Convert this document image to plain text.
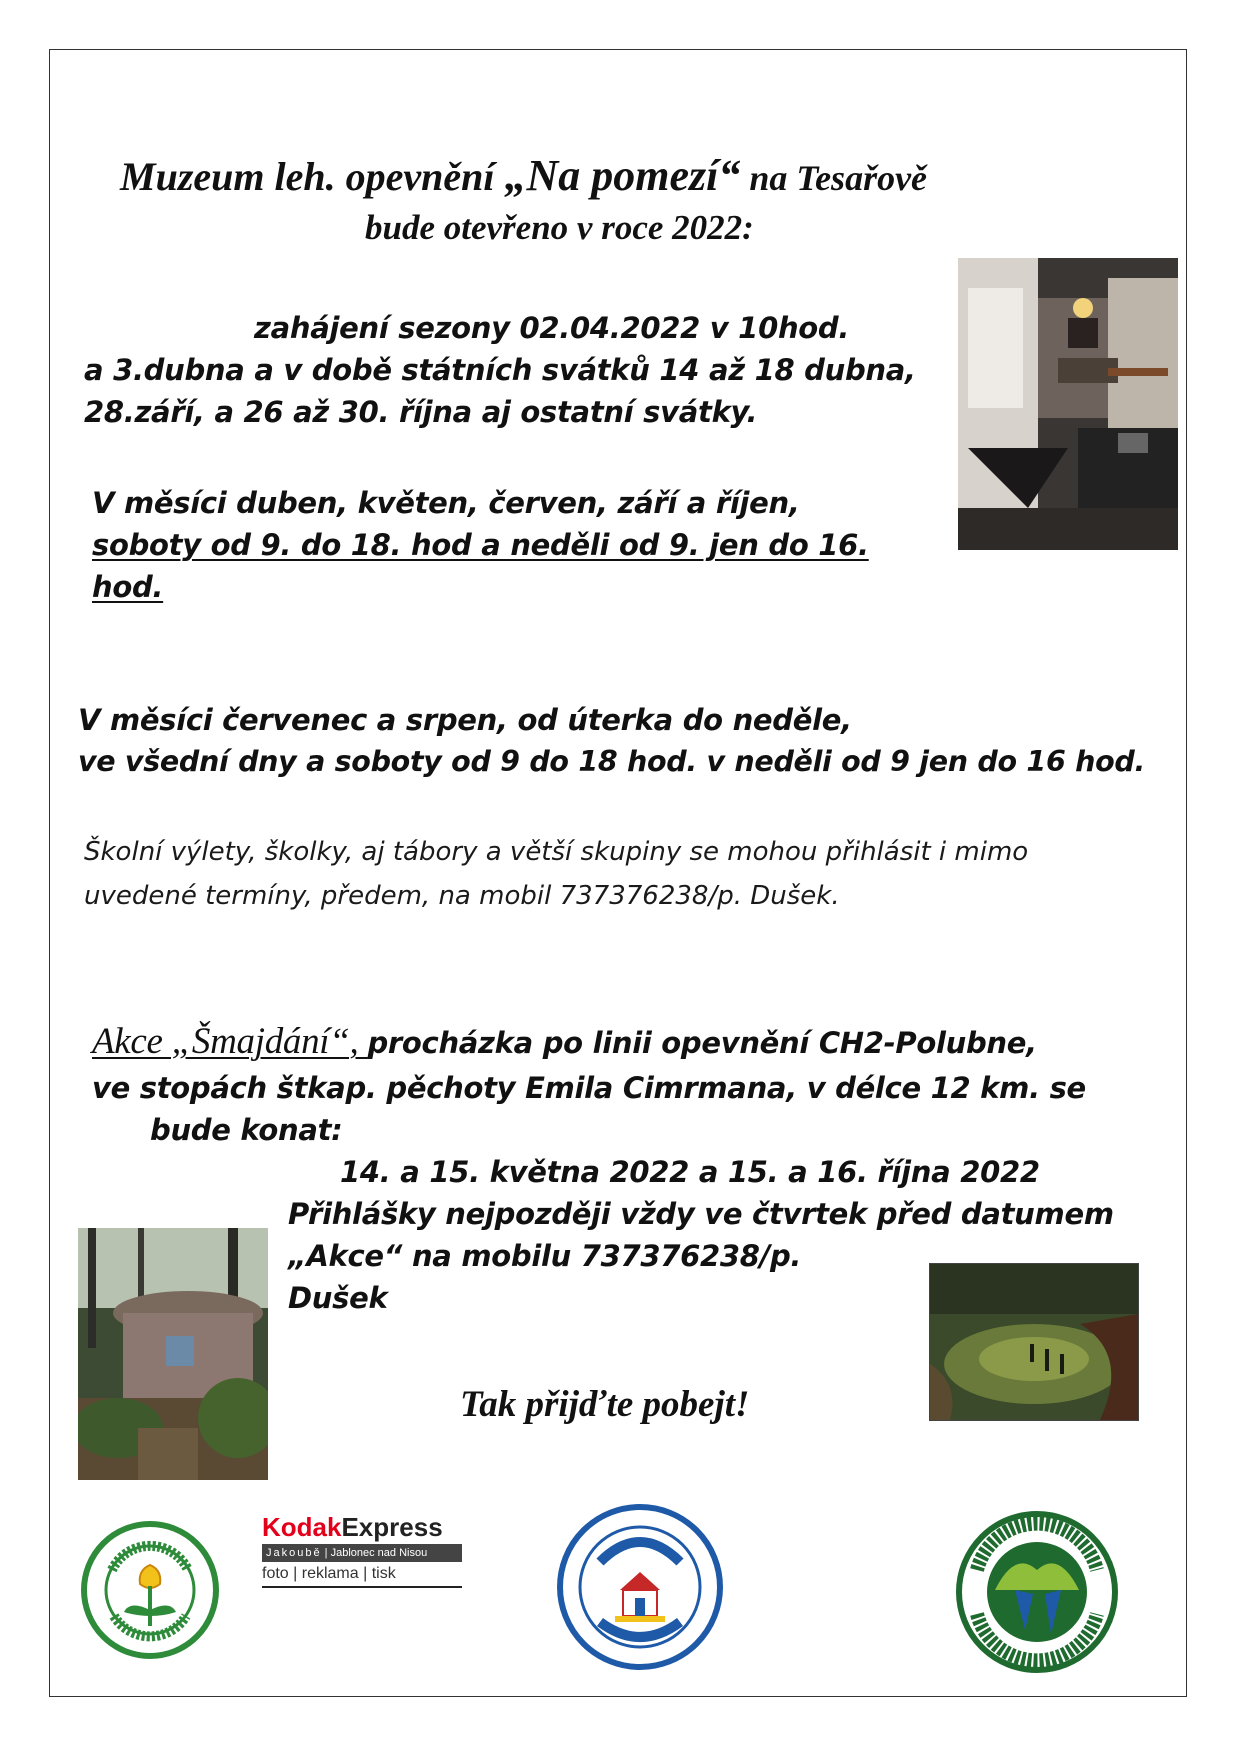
Muzeum leh. opevnění „Na pomezí“ na Tesařově
bude otevřeno v roce 2022:
zahájení sezony 02.04.2022 v 10hod.
a 3.dubna a v době státních svátků 14 až 18 dubna,
28.září, a 26 až 30. října aj ostatní svátky.
V měsíci duben, květen, červen, září a říjen,
soboty od 9. do 18. hod a neděli od 9. jen do 16.
hod.
V měsíci červenec a srpen, od úterka do neděle,
ve všední dny a soboty od 9 do 18 hod. v neděli od 9 jen do 16 hod.
Školní výlety, školky, aj tábory a větší skupiny se mohou přihlásit i mimo
uvedené termíny, předem, na mobil 737376238/p. Dušek.
Akce „Šmajdání“, procházka po linii opevnění CH2-Polubne,
ve stopách štkap. pěchoty Emila Cimrmana, v délce 12 km. se
bude konat:
14. a 15. května 2022 a 15. a 16. října 2022
Přihlášky nejpozději vždy ve čtvrtek před datumem
„Akce“ na mobilu 737376238/p.
Dušek
Tak přijďte pobejt!
KodakExpress
Jakoubě | Jablonec nad Nisou
foto | reklama | tisk
